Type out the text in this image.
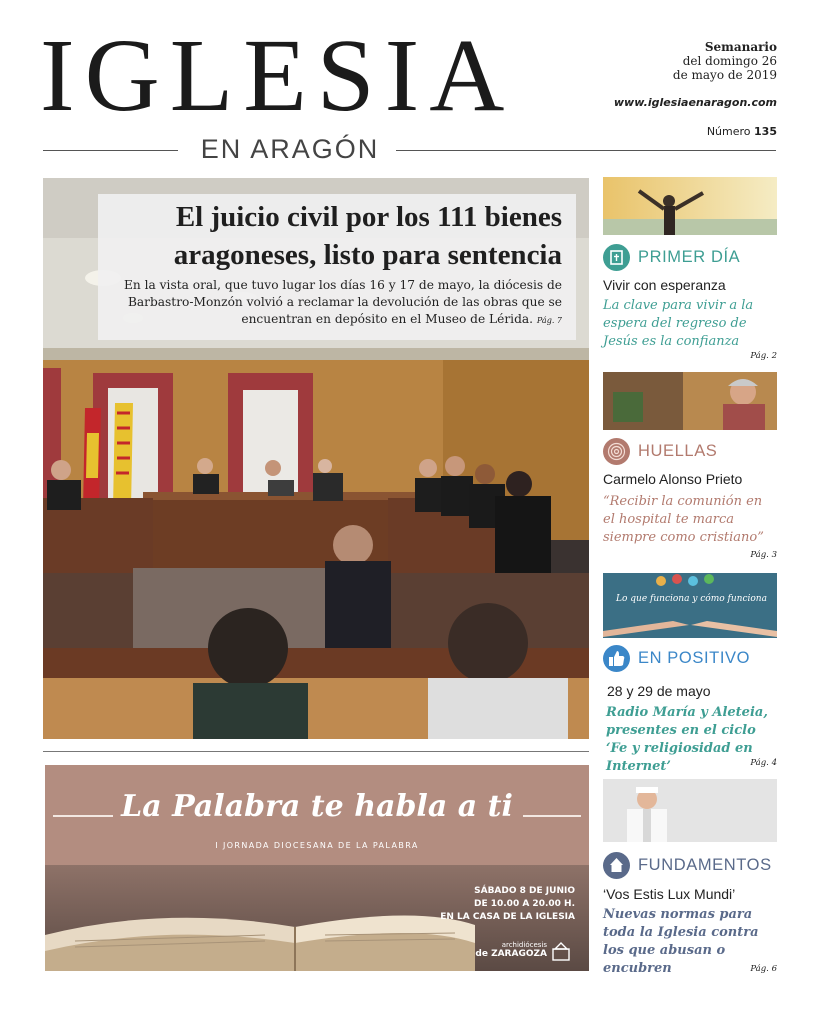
IGLESIA
EN ARAGÓN
Semanario
del domingo 26
de mayo de 2019
www.iglesiaenaragon.com
Número 135
El juicio civil por los 111 bienes
aragoneses, listo para sentencia
En la vista oral, que tuvo lugar los días 16 y 17 de mayo, la diócesis de Barbastro-Monzón volvió a reclamar la devolución de las obras que se encuentran en depósito en el Museo de Lérida. Pág. 7
La Palabra te habla a ti
I JORNADA DIOCESANA DE LA PALABRA
SÁBADO 8 DE JUNIO
DE 10.00 A 20.00 H.
EN LA CASA DE LA IGLESIA
archidiócesis
de ZARAGOZA
PRIMER DÍA
Vivir con esperanza
La clave para vivir a la espera del regreso de Jesús es la confianza
Pág. 2
HUELLAS
Carmelo Alonso Prieto
“Recibir la comunión en el hospital te marca siempre como cristiano”
Pág. 3
Lo que funciona y cómo funciona
EN POSITIVO
28 y 29 de mayo
Radio María y Aleteia, presentes en el ciclo ‘Fe y religiosidad en Internet’	Pág. 4
FUNDAMENTOS
‘Vos Estis Lux Mundi’
Nuevas normas para toda la Iglesia contra los que abusan o encubren	Pág. 6
